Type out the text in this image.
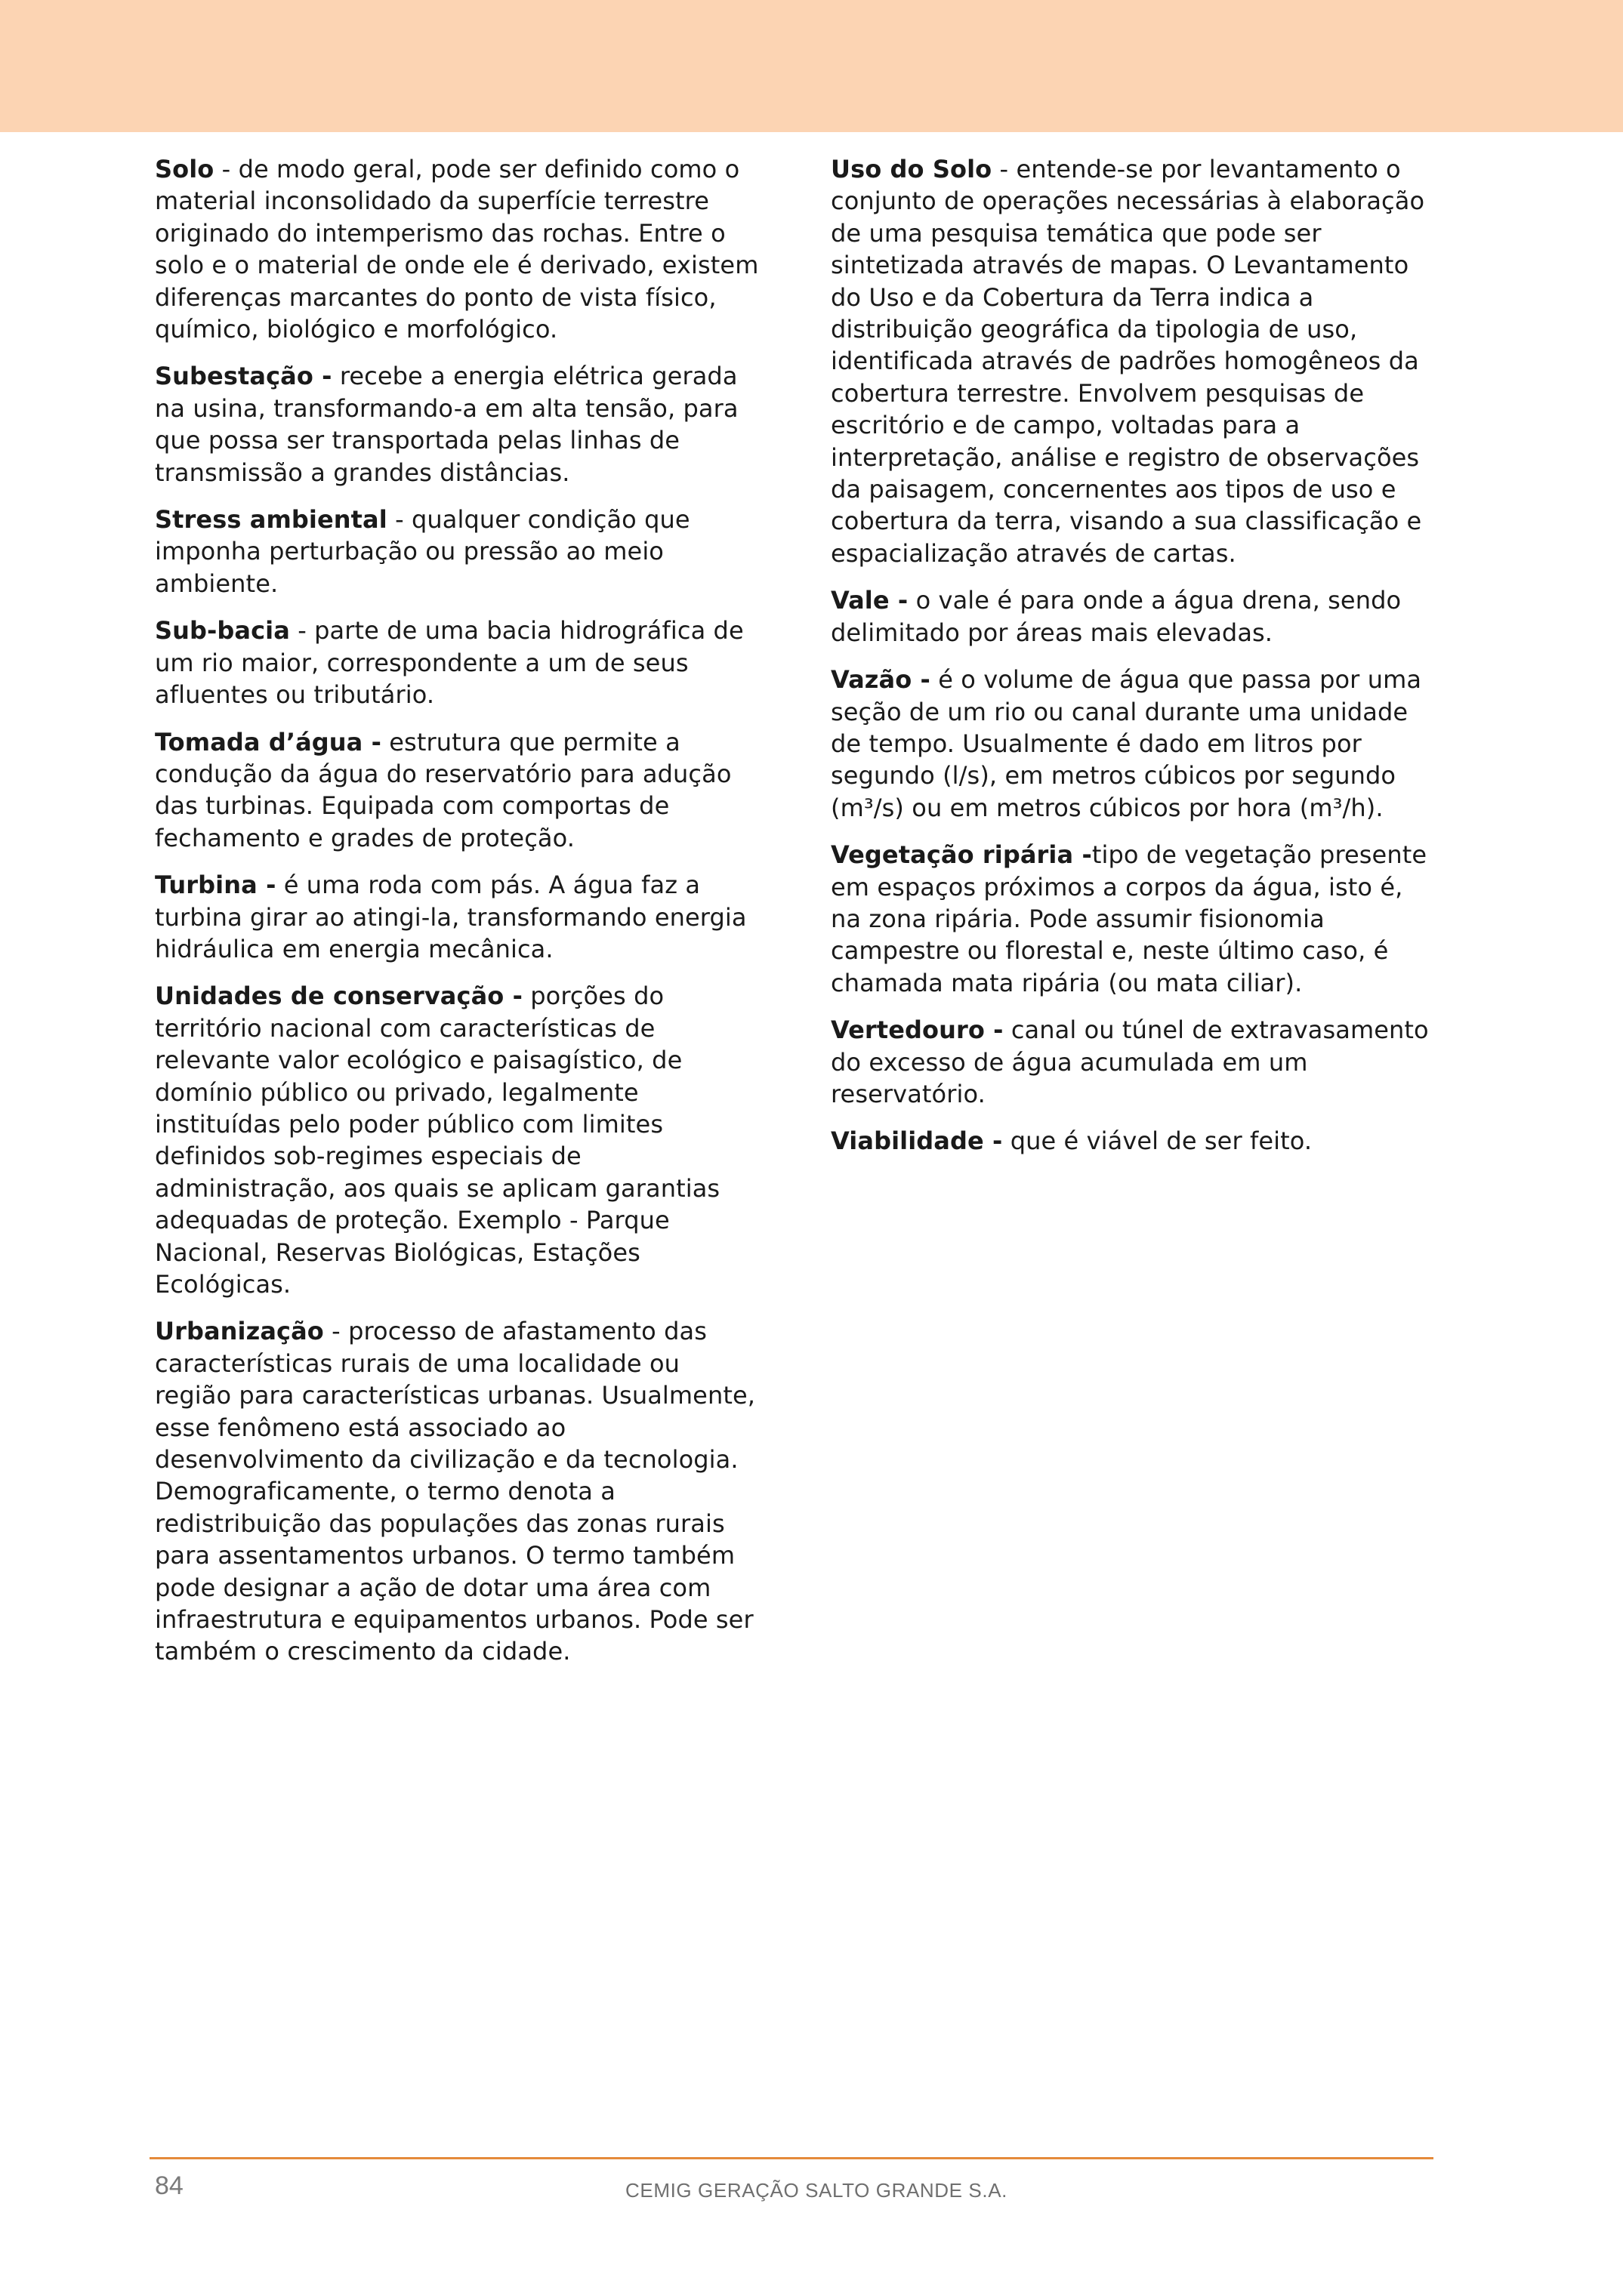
Solo - de modo geral, pode ser definido como o material inconsolidado da superfície terrestre originado do intemperismo das rochas. Entre o solo e o material de onde ele é derivado, existem diferenças marcantes do ponto de vista físico, químico, biológico e morfológico.

Subestação - recebe a energia elétrica gerada na usina, transformando-a em alta tensão, para que possa ser transportada pelas linhas de transmissão a grandes distâncias.

Stress ambiental - qualquer condição que imponha perturbação ou pressão ao meio ambiente.

Sub-bacia - parte de uma bacia hidrográfica de um rio maior, correspondente a um de seus afluentes ou tributário.

Tomada d’água - estrutura que permite a condução da água do reservatório para adução das turbinas. Equipada com comportas de fechamento e grades de proteção.

Turbina - é uma roda com pás. A água faz a turbina girar ao atingi-la, transformando energia hidráulica em energia mecânica.

Unidades de conservação - porções do território nacional com características de relevante valor ecológico e paisagístico, de domínio público ou privado, legalmente instituídas pelo poder público com limites definidos sob-regimes especiais de administração, aos quais se aplicam garantias adequadas de proteção. Exemplo - Parque Nacional, Reservas Biológicas, Estações Ecológicas.

Urbanização - processo de afastamento das características rurais de uma localidade ou região para características urbanas. Usualmente, esse fenômeno está associado ao desenvolvimento da civilização e da tecnologia. Demograficamente, o termo denota a redistribuição das populações das zonas rurais para assentamentos urbanos. O termo também pode designar a ação de dotar uma área com infraestrutura e equipamentos urbanos. Pode ser também o crescimento da cidade.

Uso do Solo - entende-se por levantamento o conjunto de operações necessárias à elaboração de uma pesquisa temática que pode ser sintetizada através de mapas. O Levantamento do Uso e da Cobertura da Terra indica a distribuição geográfica da tipologia de uso, identificada através de padrões homogêneos da cobertura terrestre. Envolvem pesquisas de escritório e de campo, voltadas para a interpretação, análise e registro de observações da paisagem, concernentes aos tipos de uso e cobertura da terra, visando a sua classificação e espacialização através de cartas.

Vale - o vale é para onde a água drena, sendo delimitado por áreas mais elevadas.

Vazão - é o volume de água que passa por uma seção de um rio ou canal durante uma unidade de tempo. Usualmente é dado em litros por segundo (l/s), em metros cúbicos por segundo (m³/s) ou em metros cúbicos por hora (m³/h).

Vegetação ripária -tipo de vegetação presente em espaços próximos a corpos da água, isto é, na zona ripária. Pode assumir fisionomia campestre ou florestal e, neste último caso, é chamada mata ripária (ou mata ciliar).

Vertedouro - canal ou túnel de extravasamento do excesso de água acumulada em um reservatório.

Viabilidade - que é viável de ser feito.

84	CEMIG GERAÇÃO SALTO GRANDE S.A.
